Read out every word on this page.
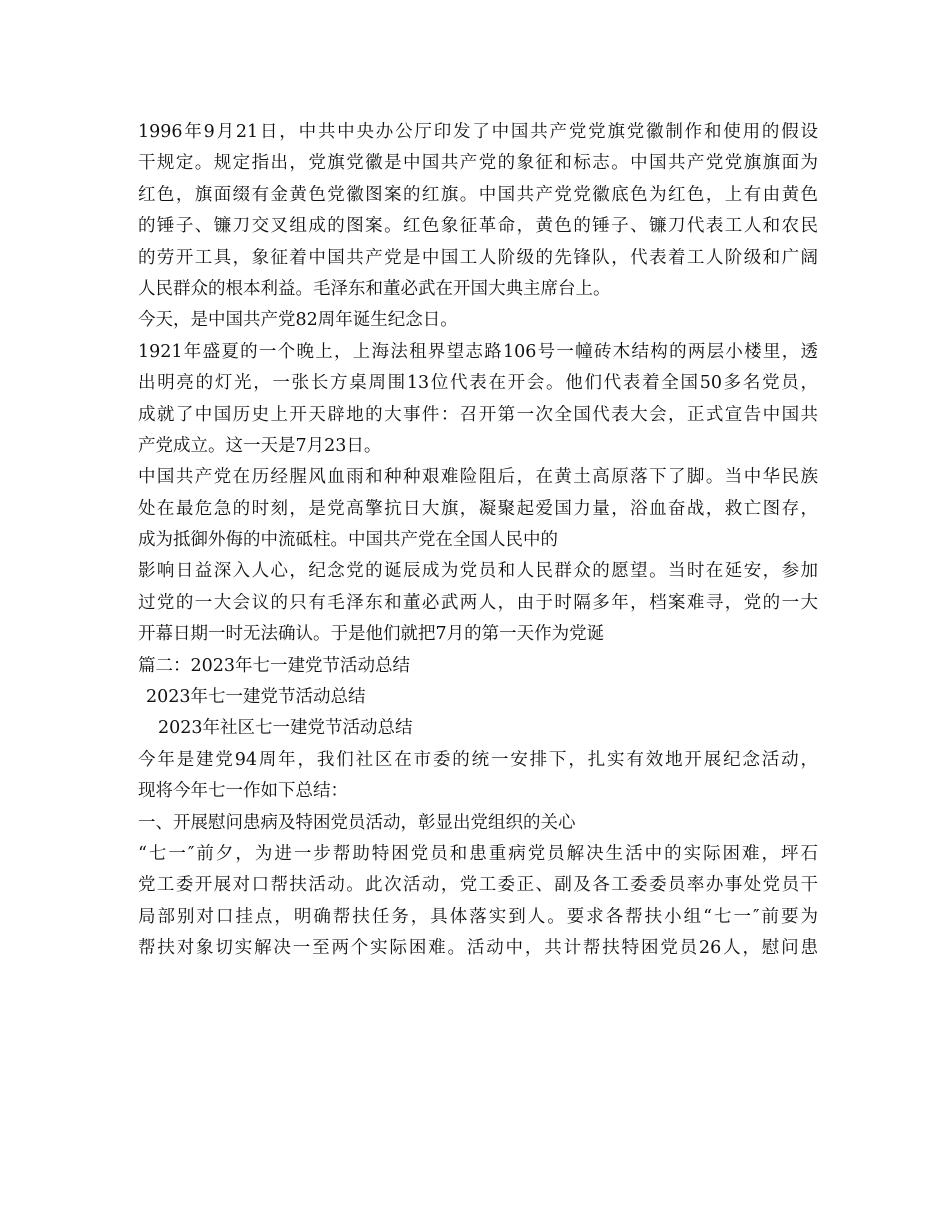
1996年9月21日，中共中央办公厅印发了中国共产党党旗党徽制作和使用的假设
干规定。规定指出，党旗党徽是中国共产党的象征和标志。中国共产党党旗旗面为
红色，旗面缀有金黄色党徽图案的红旗。中国共产党党徽底色为红色，上有由黄色
的锤子、镰刀交叉组成的图案。红色象征革命，黄色的锤子、镰刀代表工人和农民
的劳开工具，象征着中国共产党是中国工人阶级的先锋队，代表着工人阶级和广阔
人民群众的根本利益。毛泽东和董必武在开国大典主席台上。
今天，是中国共产党82周年诞生纪念日。
1921年盛夏的一个晚上，上海法租界望志路106号一幢砖木结构的两层小楼里，透
出明亮的灯光，一张长方桌周围13位代表在开会。他们代表着全国50多名党员，
成就了中国历史上开天辟地的大事件：召开第一次全国代表大会，正式宣告中国共
产党成立。这一天是7月23日。
中国共产党在历经腥风血雨和种种艰难险阻后，在黄土高原落下了脚。当中华民族
处在最危急的时刻，是党高擎抗日大旗，凝聚起爱国力量，浴血奋战，救亡图存，
成为抵御外侮的中流砥柱。中国共产党在全国人民中的
影响日益深入人心，纪念党的诞辰成为党员和人民群众的愿望。当时在延安，参加
过党的一大会议的只有毛泽东和董必武两人，由于时隔多年，档案难寻，党的一大
开幕日期一时无法确认。于是他们就把7月的第一天作为党诞
篇二：2023年七一建党节活动总结
2023年七一建党节活动总结
2023年社区七一建党节活动总结
今年是建党94周年，我们社区在市委的统一安排下，扎实有效地开展纪念活动，
现将今年七一作如下总结：
一、开展慰问患病及特困党员活动，彰显出党组织的关心
“七一″前夕，为进一步帮助特困党员和患重病党员解决生活中的实际困难，坪石
党工委开展对口帮扶活动。此次活动，党工委正、副及各工委委员率办事处党员干
局部别对口挂点，明确帮扶任务，具体落实到人。要求各帮扶小组“七一″前要为
帮扶对象切实解决一至两个实际困难。活动中，共计帮扶特困党员26人，慰问患
